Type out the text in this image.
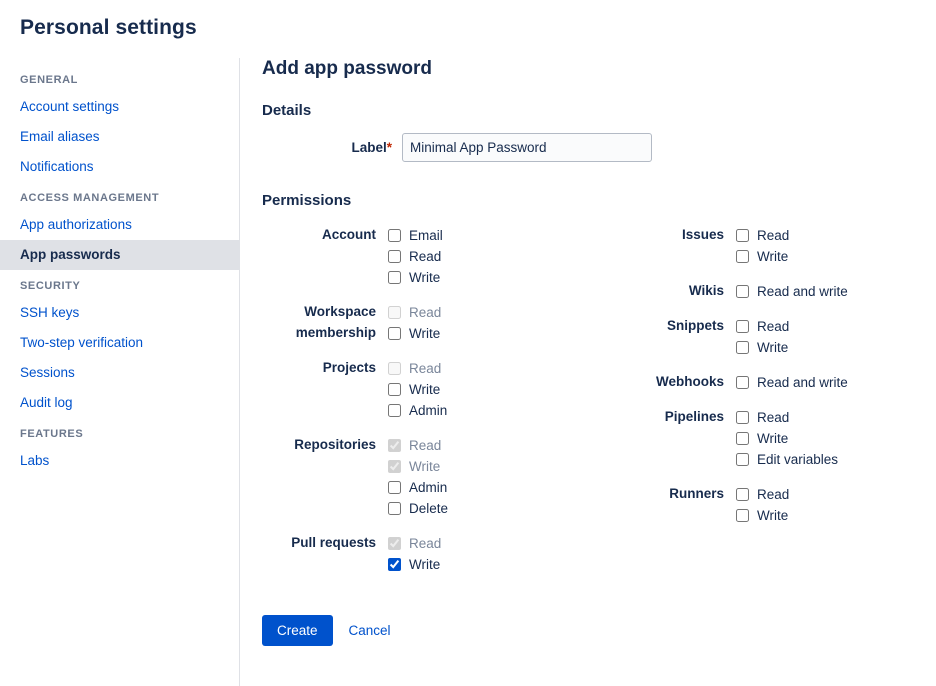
Personal settings
GENERAL
Account settings
Email aliases
Notifications
ACCESS MANAGEMENT
App authorizations
App passwords
SECURITY
SSH keys
Two-step verification
Sessions
Audit log
FEATURES
Labs
Add app password
Details
Label*
Minimal App Password
Permissions
Account	Email
Read
Write
Workspace membership
Read
Write
Projects	Read
Write
Admin
Repositories	Read
Write
Admin
Delete
Pull requests	Read
Write
Issues	Read
Write
Wikis	Read and write
Snippets	Read
Write
Webhooks	Read and write
Pipelines	Read
Write
Edit variables
Runners	Read
Write
Create	Cancel
